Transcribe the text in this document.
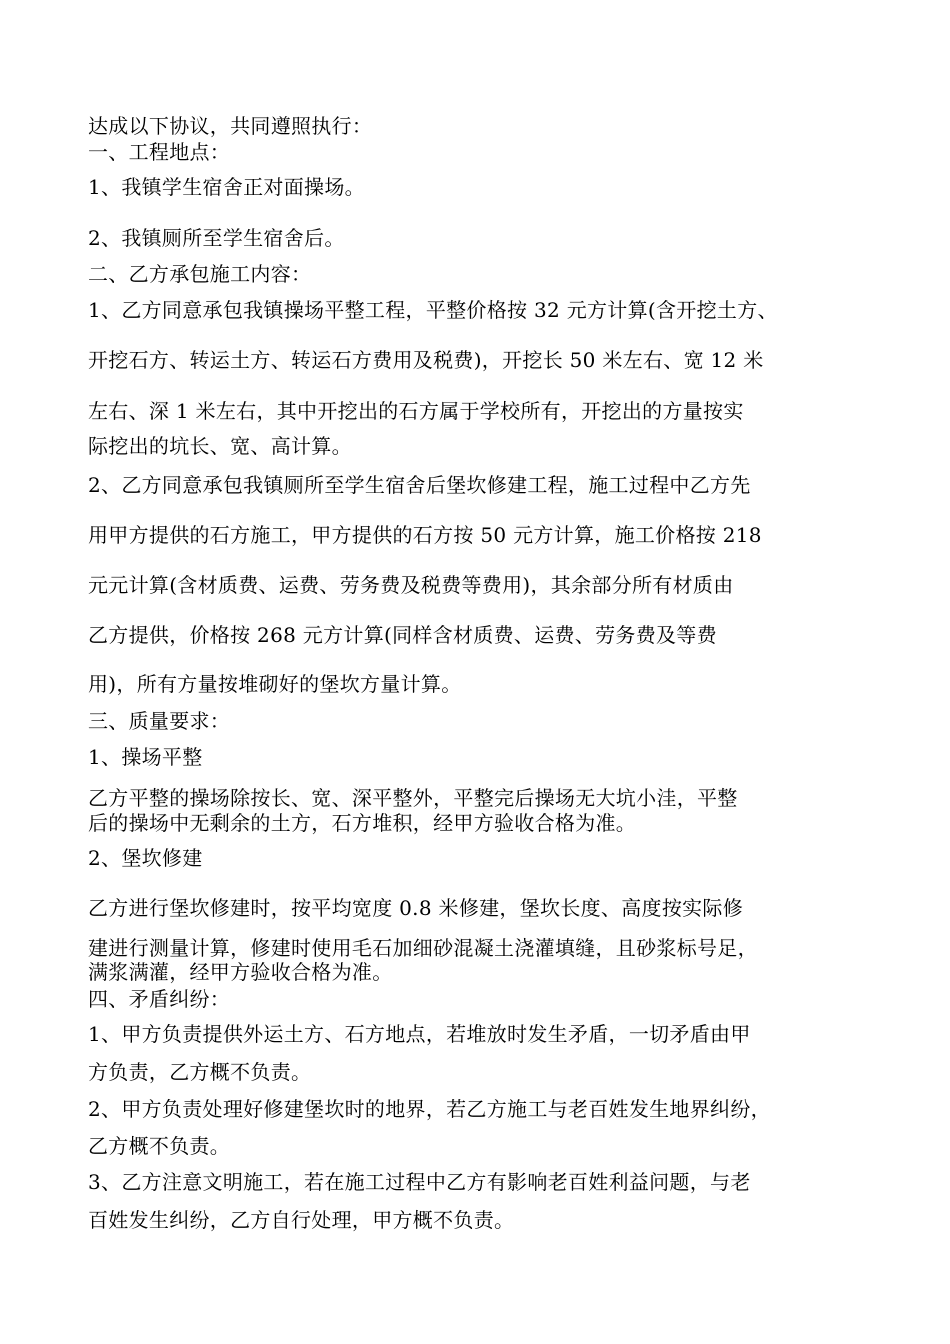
达成以下协议，共同遵照执行：

一、工程地点：

1、我镇学生宿舍正对面操场。

2、我镇厕所至学生宿舍后。

二、乙方承包施工内容：

1、乙方同意承包我镇操场平整工程，平整价格按 32 元方计算(含开挖土方、

开挖石方、转运土方、转运石方费用及税费)，开挖长 50 米左右、宽 12 米

左右、深 1 米左右，其中开挖出的石方属于学校所有，开挖出的方量按实

际挖出的坑长、宽、高计算。

2、乙方同意承包我镇厕所至学生宿舍后堡坎修建工程，施工过程中乙方先

用甲方提供的石方施工，甲方提供的石方按 50 元方计算，施工价格按 218

元元计算(含材质费、运费、劳务费及税费等费用)，其余部分所有材质由

乙方提供，价格按 268 元方计算(同样含材质费、运费、劳务费及等费

用)，所有方量按堆砌好的堡坎方量计算。

三、质量要求：

1、操场平整

乙方平整的操场除按长、宽、深平整外，平整完后操场无大坑小洼，平整

后的操场中无剩余的土方，石方堆积，经甲方验收合格为准。

2、堡坎修建

乙方进行堡坎修建时，按平均宽度 0.8 米修建，堡坎长度、高度按实际修

建进行测量计算，修建时使用毛石加细砂混凝土浇灌填缝，且砂浆标号足，

满浆满灌，经甲方验收合格为准。

四、矛盾纠纷：

1、甲方负责提供外运土方、石方地点，若堆放时发生矛盾，一切矛盾由甲

方负责，乙方概不负责。

2、甲方负责处理好修建堡坎时的地界，若乙方施工与老百姓发生地界纠纷，

乙方概不负责。

3、乙方注意文明施工，若在施工过程中乙方有影响老百姓利益问题，与老

百姓发生纠纷，乙方自行处理，甲方概不负责。
